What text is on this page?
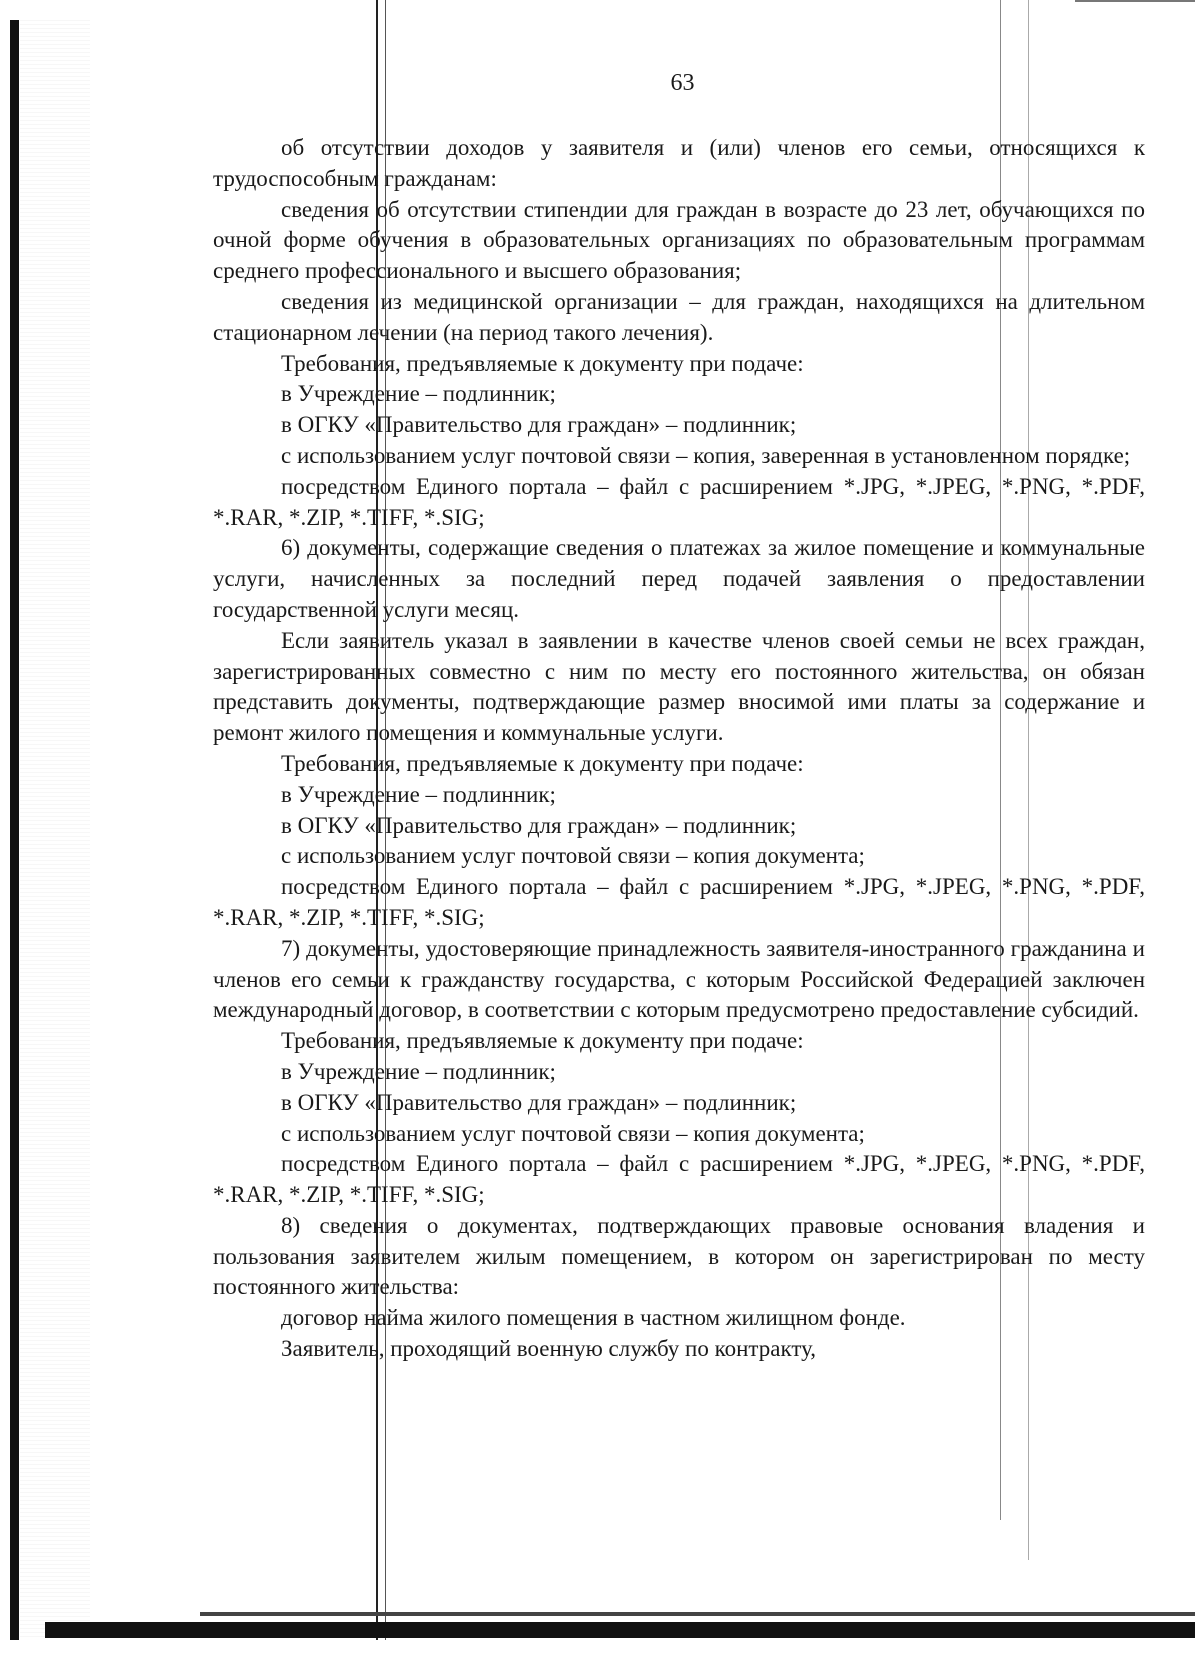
63

об отсутствии доходов у заявителя и (или) членов его семьи, относящихся к трудоспособным гражданам:

сведения об отсутствии стипендии для граждан в возрасте до 23 лет, обучающихся по очной форме обучения в образовательных организациях по образовательным программам среднего профессионального и высшего образования;

сведения из медицинской организации – для граждан, находящихся на длительном стационарном лечении (на период такого лечения).

Требования, предъявляемые к документу при подаче:

в Учреждение – подлинник;

в ОГКУ «Правительство для граждан» – подлинник;

с использованием услуг почтовой связи – копия, заверенная в установленном порядке;

посредством Единого портала – файл с расширением *.JPG, *.JPEG, *.PNG, *.PDF, *.RAR, *.ZIP, *.TIFF, *.SIG;

6) документы, содержащие сведения о платежах за жилое помещение и коммунальные услуги, начисленных за последний перед подачей заявления о предоставлении государственной услуги месяц.

Если заявитель указал в заявлении в качестве членов своей семьи не всех граждан, зарегистрированных совместно с ним по месту его постоянного жительства, он обязан представить документы, подтверждающие размер вносимой ими платы за содержание и ремонт жилого помещения и коммунальные услуги.

Требования, предъявляемые к документу при подаче:

в Учреждение – подлинник;

в ОГКУ «Правительство для граждан» – подлинник;

с использованием услуг почтовой связи – копия документа;

посредством Единого портала – файл с расширением *.JPG, *.JPEG, *.PNG, *.PDF, *.RAR, *.ZIP, *.TIFF, *.SIG;

7) документы, удостоверяющие принадлежность заявителя-иностранного гражданина и членов его семьи к гражданству государства, с которым Российской Федерацией заключен международный договор, в соответствии с которым предусмотрено предоставление субсидий.

Требования, предъявляемые к документу при подаче:

в Учреждение – подлинник;

в ОГКУ «Правительство для граждан» – подлинник;

с использованием услуг почтовой связи – копия документа;

посредством Единого портала – файл с расширением *.JPG, *.JPEG, *.PNG, *.PDF, *.RAR, *.ZIP, *.TIFF, *.SIG;

8) сведения о документах, подтверждающих правовые основания владения и пользования заявителем жилым помещением, в котором он зарегистрирован по месту постоянного жительства:

договор найма жилого помещения в частном жилищном фонде.

Заявитель, проходящий военную службу по контракту,
